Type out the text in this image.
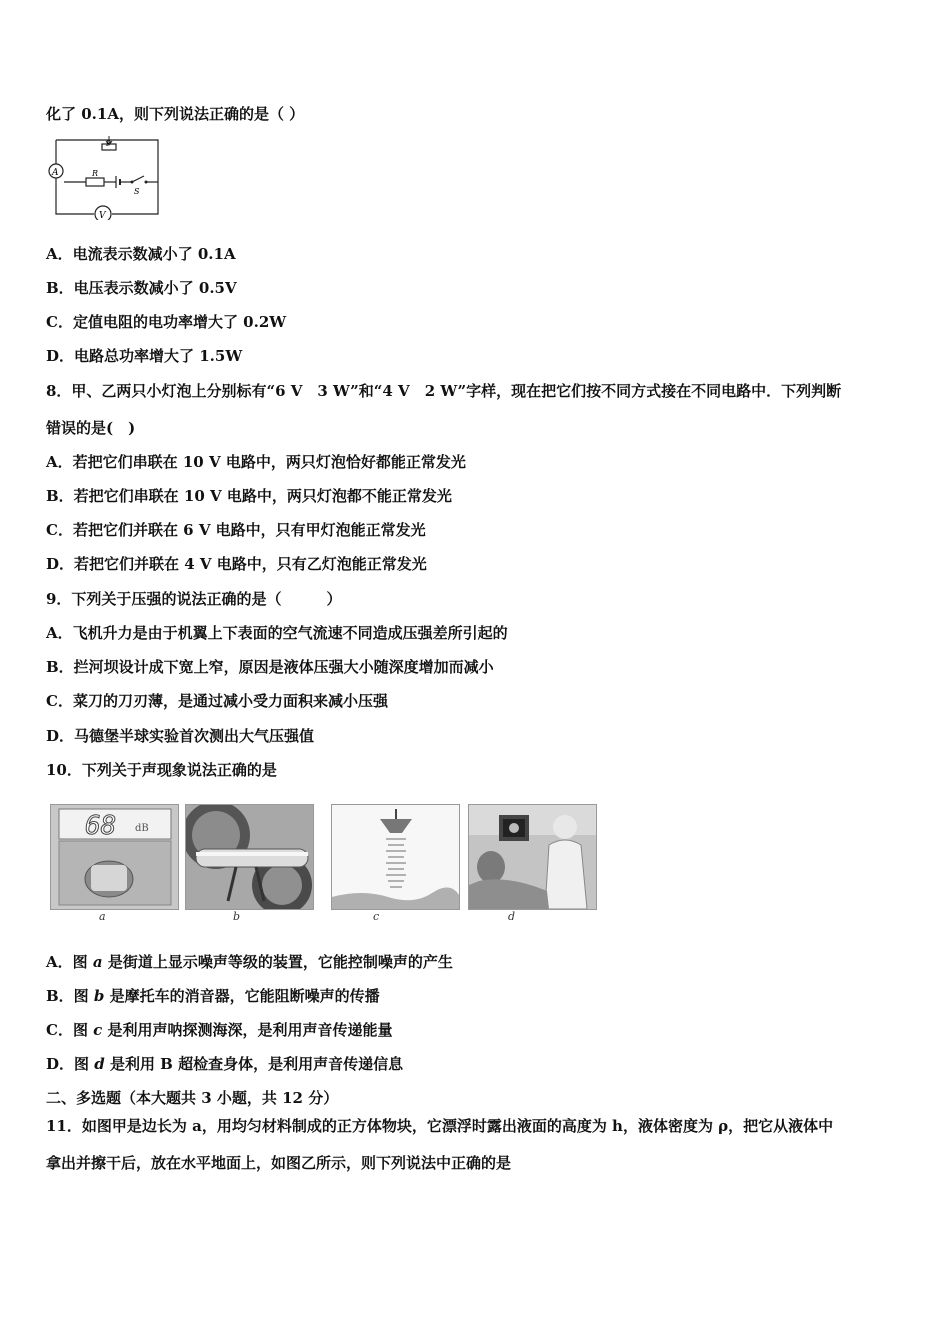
化了 0.1A，则下列说法正确的是（ ）
A
V
P
R
S
A．电流表示数减小了 0.1A
B．电压表示数减小了 0.5V
C．定值电阻的电功率增大了 0.2W
D．电路总功率增大了 1.5W
8．甲、乙两只小灯泡上分别标有“6 V　3 W”和“4 V　2 W”字样，现在把它们按不同方式接在不同电路中．下列判断
错误的是(　)
A．若把它们串联在 10 V 电路中，两只灯泡恰好都能正常发光
B．若把它们串联在 10 V 电路中，两只灯泡都不能正常发光
C．若把它们并联在 6 V 电路中，只有甲灯泡能正常发光
D．若把它们并联在 4 V 电路中，只有乙灯泡能正常发光
9．下列关于压强的说法正确的是（　　　）
A．飞机升力是由于机翼上下表面的空气流速不同造成压强差所引起的
B．拦河坝设计成下宽上窄，原因是液体压强大小随深度增加而减小
C．菜刀的刀刃薄，是通过减小受力面积来减小压强
D．马德堡半球实验首次测出大气压强值
10．下列关于声现象说法正确的是
68 dB
a	b	c	d
A．图 a 是街道上显示噪声等级的装置，它能控制噪声的产生
B．图 b 是摩托车的消音器，它能阻断噪声的传播
C．图 c 是利用声呐探测海深，是利用声音传递能量
D．图 d 是利用 B 超检查身体，是利用声音传递信息
二、多选题（本大题共 3 小题，共 12 分）
11．如图甲是边长为 a，用均匀材料制成的正方体物块，它漂浮时露出液面的高度为 h，液体密度为 ρ，把它从液体中
拿出并擦干后，放在水平地面上，如图乙所示，则下列说法中正确的是
